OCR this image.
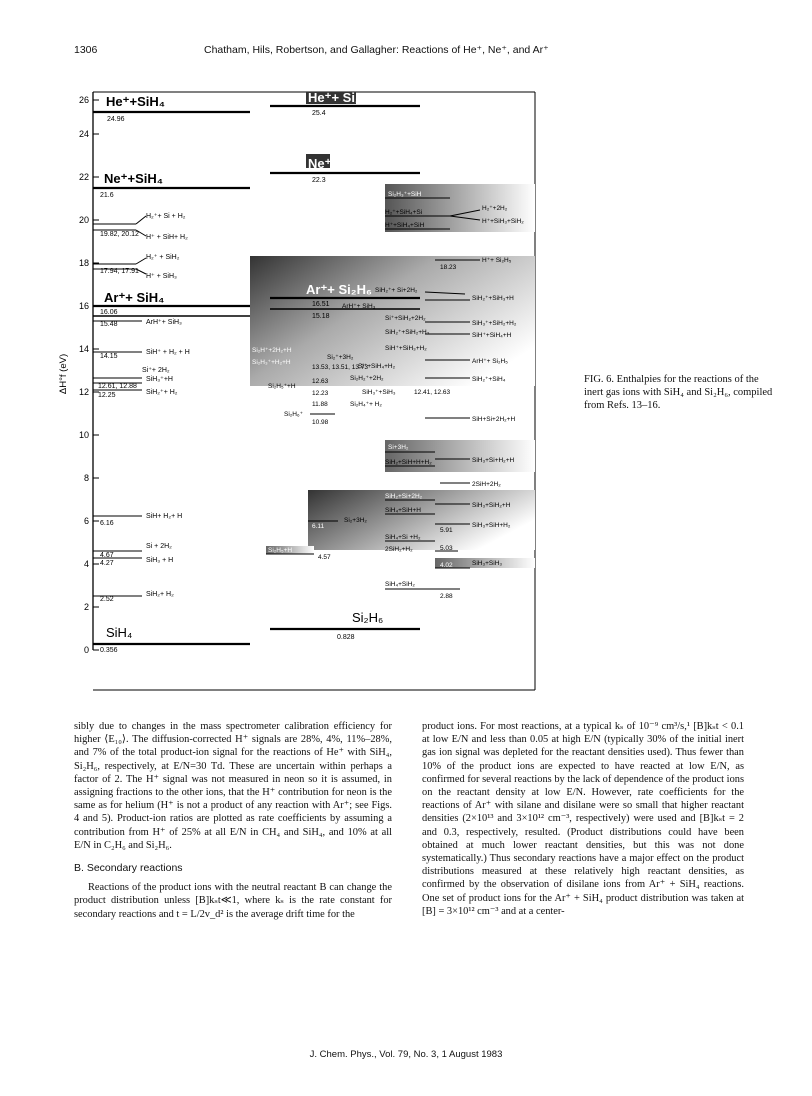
1306	Chatham, Hils, Robertson, and Gallagher: Reactions of He⁺, Ne⁺, and Ar⁺
0
2
4
6
8
10
12
14
16
18
20
22
24
26
ΔH°f (eV)
He⁺+SiH₄
24.96
He⁺+ Si₂H₆
25.4
Ne⁺+SiH₄
21.6
Ne⁺+ Si₂H₆
22.3
Ar⁺+ SiH₄
16.06
15.48
Ar⁺+ Si₂H₆
16.51
15.18
SiH₄
0.356
Si₂H₆
0.828
H₂⁺+ Si + H₂
19.82, 20.12 H⁺ + SiH+ H₂
H₂⁺ + SiH₂
17.94, 17.91
H⁺ + SiH₃
ArH⁺+ SiH₃
14.15
SiH⁺ + H₂ + H
Si⁺+ 2H₂
SiH₃⁺+H
12.61, 12.88
12.25	SiH₂⁺+ H₂
6.16
SiH+ H₂+ H
Si + 2H₂
4.67
4.27	SiH₃ + H
2.52
SiH₂+ H₂
Si₂H₃⁺+SiH
H₂⁺+SiH₄+Si
H⁺+SiH₄+SiH
H₂⁺+2H₂
H⁺+SiH₃+SiH₂
H⁺+ Si₂H₅
18.23
SiH₂⁺+ Si+2H₂
SiH₂⁺+SiH₃+H
ArH⁺+ SiH₃
Si⁺+SiH₂+2H₂
SiH₃⁺+SiH₂+H₂
SiH₂⁺+SiH₂+H₂	SiH⁺+SiH₄+H
SiH⁺+SiH₃+H₂
Si₂H⁺+2H₂+H
Si₂⁺+3H₂
Si⁺+SiH₄+H₂
ArH⁺+ Si₂H₅
Si₂H₃⁺+H₂+H
13.53, 13.51, 13.73
Si₂H₂⁺+2H₂	SiH₂⁺+SiH₄
Si₂H₅⁺+H
12.63
12.23	SiH₃⁺+SiH₃	12.41, 12.63
11.88	Si₂H₄⁺+ H₂
Si₂H₆⁺
10.98	SiH+Si+2H₂+H
Si+3H₂
SiH₂+SiH+H+H₂	SiH₃+Si+H₂+H
2SiH+2H₂
SiH₂+Si+2H₂
SiH₄+SiH+H
SiH₃+SiH₂+H
6.11
Si₂+3H₂
SiH₃+SiH+H₂
5.91
SiH₄+Si +H₂
2SiH₂+H₂	5.03
Si₂H₅+H
4.57
4.02	SiH₃+SiH₃
SiH₄+SiH₂
2.88
FIG. 6. Enthalpies for the reactions of the inert gas ions with SiH₄ and Si₂H₆, compiled from Refs. 13–16.

sibly due to changes in the mass spectrometer calibration efficiency for higher ⟨E₁₀⟩. The diffusion-corrected H⁺ signals are 28%, 4%, 11%–28%, and 7% of the total product-ion signal for the reactions of He⁺ with SiH₄, Si₂H₆, respectively, at E/N=30 Td. These are uncertain within perhaps a factor of 2. The H⁺ signal was not measured in neon so it is assumed, in assigning fractions to the other ions, that the H⁺ contribution for neon is the same as for helium (H⁺ is not a product of any reaction with Ar⁺; see Figs. 4 and 5). Product-ion ratios are plotted as rate coefficients by assuming a contribution from H⁺ of 25% at all E/N in CH₄ and SiH₄, and 10% at all E/N in C₂H₆ and Si₂H₆.

B. Secondary reactions

Reactions of the product ions with the neutral reactant B can change the product distribution unless [B]kₛt≪1, where kₛ is the rate constant for secondary reactions and t = L/2v_d² is the average drift time for the

product ions. For most reactions, at a typical kₛ of 10⁻⁹ cm³/s,¹ [B]kₛt < 0.1 at low E/N and less than 0.05 at high E/N (typically 30% of the initial inert gas ion signal was depleted for the reactant densities used). Thus fewer than 10% of the product ions are expected to have reacted at low E/N, as confirmed for several reactions by the lack of dependence of the product ions on the reactant density at low E/N. However, rate coefficients for the reactions of Ar⁺ with silane and disilane were so small that higher reactant densities (2×10¹³ and 3×10¹² cm⁻³, respectively) were used and [B]kₛt = 2 and 0.3, respectively, resulted. (Product distributions could have been obtained at much lower reactant densities, but this was not done systematically.) Thus secondary reactions have a major effect on the product distributions measured at these relatively high reactant densities, as confirmed by the observation of disilane ions from Ar⁺ + SiH₄ reactions. One set of product ions for the Ar⁺ + SiH₄ product distribution was taken at [B] = 3×10¹² cm⁻³ and at a center-

J. Chem. Phys., Vol. 79, No. 3, 1 August 1983
